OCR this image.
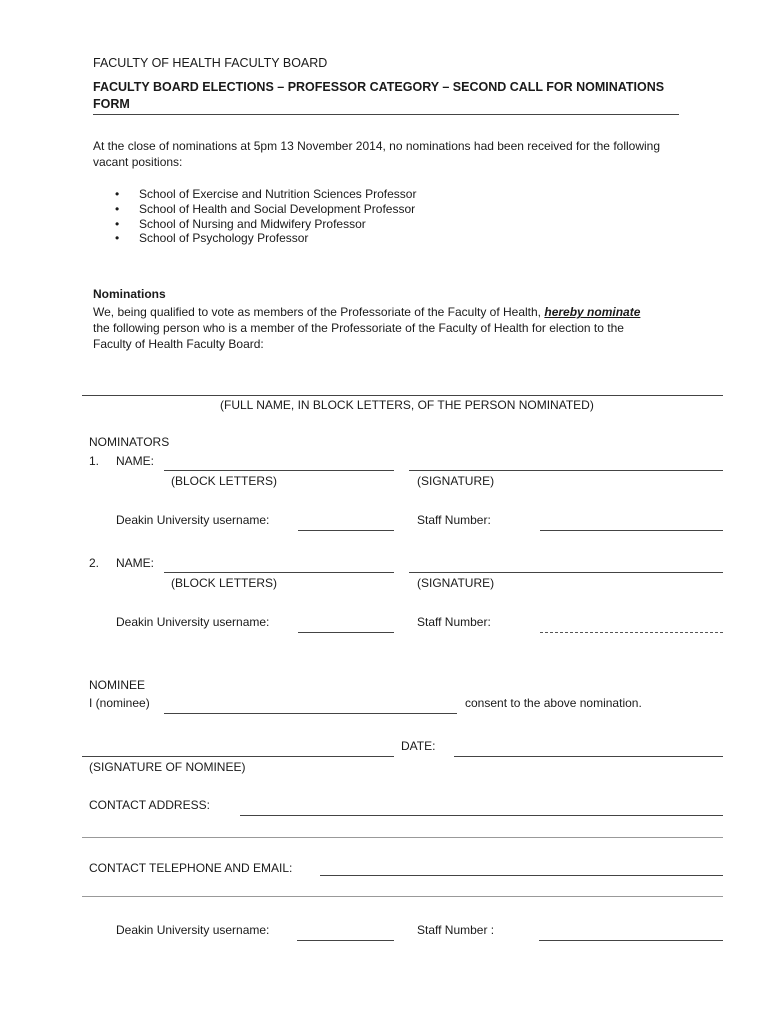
FACULTY OF HEALTH FACULTY BOARD
FACULTY BOARD ELECTIONS – PROFESSOR CATEGORY – SECOND CALL FOR NOMINATIONS FORM
At the close of nominations at 5pm 13 November 2014, no nominations had been received for the following vacant positions:
• School of Exercise and Nutrition Sciences Professor
• School of Health and Social Development Professor
• School of Nursing and Midwifery Professor
• School of Psychology Professor
Nominations
We, being qualified to vote as members of the Professoriate of the Faculty of Health, hereby nominate the following person who is a member of the Professoriate of the Faculty of Health for election to the Faculty of Health Faculty Board:
(FULL NAME, IN BLOCK LETTERS, OF THE PERSON NOMINATED)
NOMINATORS
1. NAME:
(BLOCK LETTERS)	(SIGNATURE)
Deakin University username:	Staff Number:
2. NAME:
(BLOCK LETTERS)	(SIGNATURE)
Deakin University username:	Staff Number:
NOMINEE
I (nominee)	consent to the above nomination.
DATE:
(SIGNATURE OF NOMINEE)
CONTACT ADDRESS:
CONTACT TELEPHONE AND EMAIL:
Deakin University username:	Staff Number :
